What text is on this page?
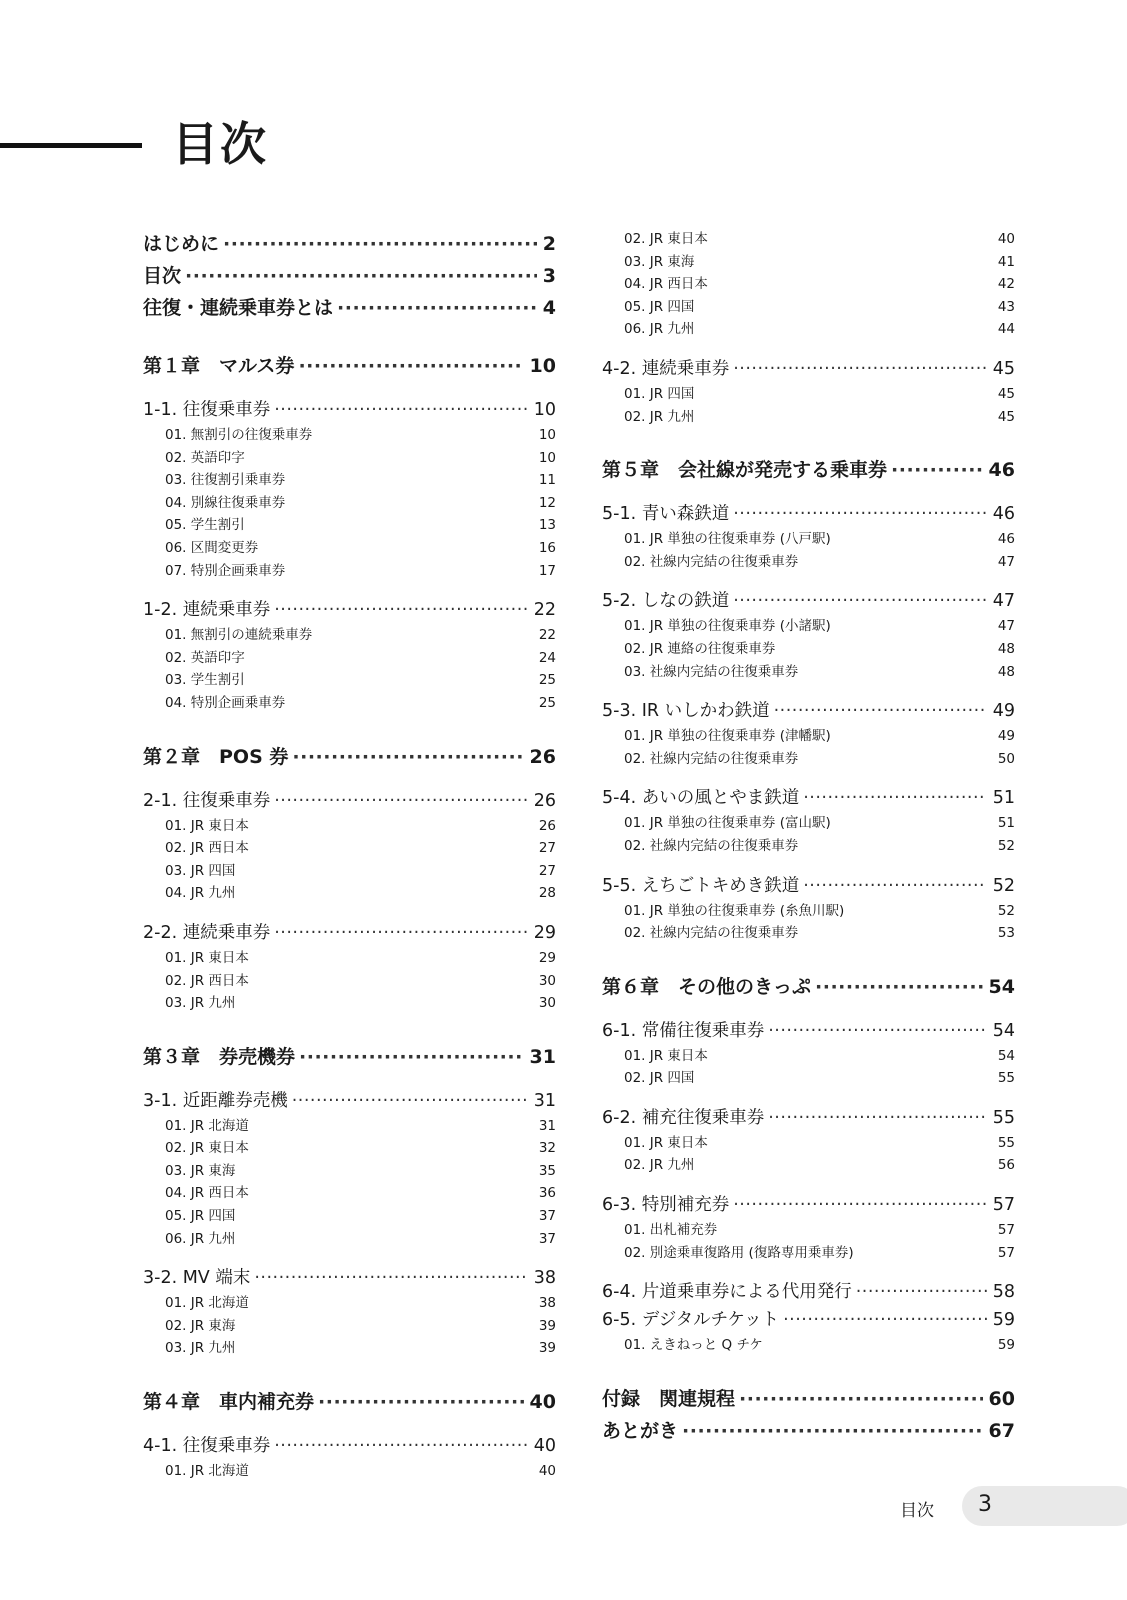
目次
はじめに ·····	2
目次 ·····	3
往復・連続乗車券とは ·····	4
第１章　マルス券 ·····	10
1-1. 往復乗車券 ·····	10
01. 無割引の往復乗車券	10
02. 英語印字	10
03. 往復割引乗車券	11
04. 別線往復乗車券	12
05. 学生割引	13
06. 区間変更券	16
07. 特別企画乗車券	17
1-2. 連続乗車券 ·····	22
01. 無割引の連続乗車券	22
02. 英語印字	24
03. 学生割引	25
04. 特別企画乗車券	25
第２章　POS 券 ·····	26
2-1. 往復乗車券 ·····	26
01. JR 東日本	26
02. JR 西日本	27
03. JR 四国	27
04. JR 九州	28
2-2. 連続乗車券 ·····	29
01. JR 東日本	29
02. JR 西日本	30
03. JR 九州	30
第３章　券売機券 ·····	31
3-1. 近距離券売機 ·····	31
01. JR 北海道	31
02. JR 東日本	32
03. JR 東海	35
04. JR 西日本	36
05. JR 四国	37
06. JR 九州	37
3-2. MV 端末 ·····	38
01. JR 北海道	38
02. JR 東海	39
03. JR 九州	39
第４章　車内補充券 ·····	40
4-1. 往復乗車券 ·····	40
01. JR 北海道	40
02. JR 東日本	40
03. JR 東海	41
04. JR 西日本	42
05. JR 四国	43
06. JR 九州	44
4-2. 連続乗車券 ·····	45
01. JR 四国	45
02. JR 九州	45
第５章　会社線が発売する乗車券 ·····	46
5-1. 青い森鉄道 ·····	46
01. JR 単独の往復乗車券 (八戸駅)	46
02. 社線内完結の往復乗車券	47
5-2. しなの鉄道 ·····	47
01. JR 単独の往復乗車券 (小諸駅)	47
02. JR 連絡の往復乗車券	48
03. 社線内完結の往復乗車券	48
5-3. IR いしかわ鉄道 ·····	49
01. JR 単独の往復乗車券 (津幡駅)	49
02. 社線内完結の往復乗車券	50
5-4. あいの風とやま鉄道 ·····	51
01. JR 単独の往復乗車券 (富山駅)	51
02. 社線内完結の往復乗車券	52
5-5. えちごトキめき鉄道 ·····	52
01. JR 単独の往復乗車券 (糸魚川駅)	52
02. 社線内完結の往復乗車券	53
第６章　その他のきっぷ ·····	54
6-1. 常備往復乗車券 ·····	54
01. JR 東日本	54
02. JR 四国	55
6-2. 補充往復乗車券 ·····	55
01. JR 東日本	55
02. JR 九州	56
6-3. 特別補充券 ·····	57
01. 出札補充券	57
02. 別途乗車復路用 (復路専用乗車券)	57
6-4. 片道乗車券による代用発行 ·····	58
6-5. デジタルチケット ·····	59
01. えきねっと Q チケ	59
付録　関連規程 ·····	60
あとがき ·····	67
目次 3
